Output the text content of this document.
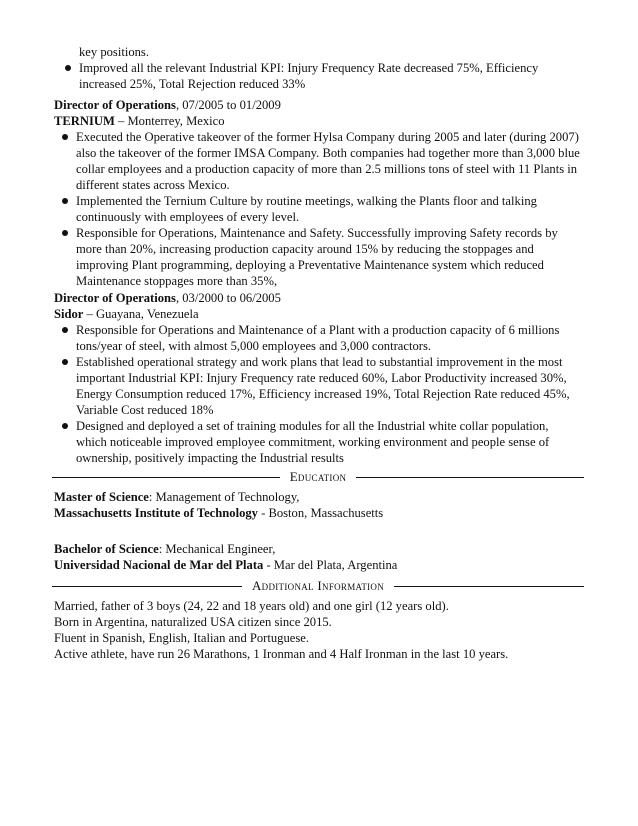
key positions.
Improved all the relevant Industrial KPI: Injury Frequency Rate decreased 75%, Efficiency increased 25%, Total Rejection reduced 33%
Director of Operations, 07/2005 to 01/2009
TERNIUM – Monterrey, Mexico
Executed the Operative takeover of the former Hylsa Company during 2005 and later (during 2007) also the takeover of the former IMSA Company. Both companies had together more than 3,000 blue collar employees and a production capacity of more than 2.5 millions tons of steel with 11 Plants in different states across Mexico.
Implemented the Ternium Culture by routine meetings, walking the Plants floor and talking continuously with employees of every level.
Responsible for Operations, Maintenance and Safety. Successfully improving Safety records by more than 20%, increasing production capacity around 15% by reducing the stoppages and improving Plant programming, deploying a Preventative Maintenance system which reduced Maintenance stoppages more than 35%,
Director of Operations, 03/2000 to 06/2005
Sidor – Guayana, Venezuela
Responsible for Operations and Maintenance of a Plant with a production capacity of 6 millions tons/year of steel, with almost 5,000 employees and 3,000 contractors.
Established operational strategy and work plans that lead to substantial improvement in the most important Industrial KPI: Injury Frequency rate reduced 60%, Labor Productivity increased 30%, Energy Consumption reduced 17%, Efficiency increased 19%, Total Rejection Rate reduced 45%, Variable Cost reduced 18%
Designed and deployed a set of training modules for all the Industrial white collar population, which noticeable improved employee commitment, working environment and people sense of ownership, positively impacting the Industrial results
Education
Master of Science: Management of Technology,
Massachusetts Institute of Technology - Boston, Massachusetts
Bachelor of Science: Mechanical Engineer,
Universidad Nacional de Mar del Plata - Mar del Plata, Argentina
Additional Information
Married, father of 3 boys (24, 22 and 18 years old) and one girl (12 years old).
Born in Argentina, naturalized USA citizen since 2015.
Fluent in Spanish, English, Italian and Portuguese.
Active athlete, have run 26 Marathons, 1 Ironman and 4 Half Ironman in the last 10 years.
